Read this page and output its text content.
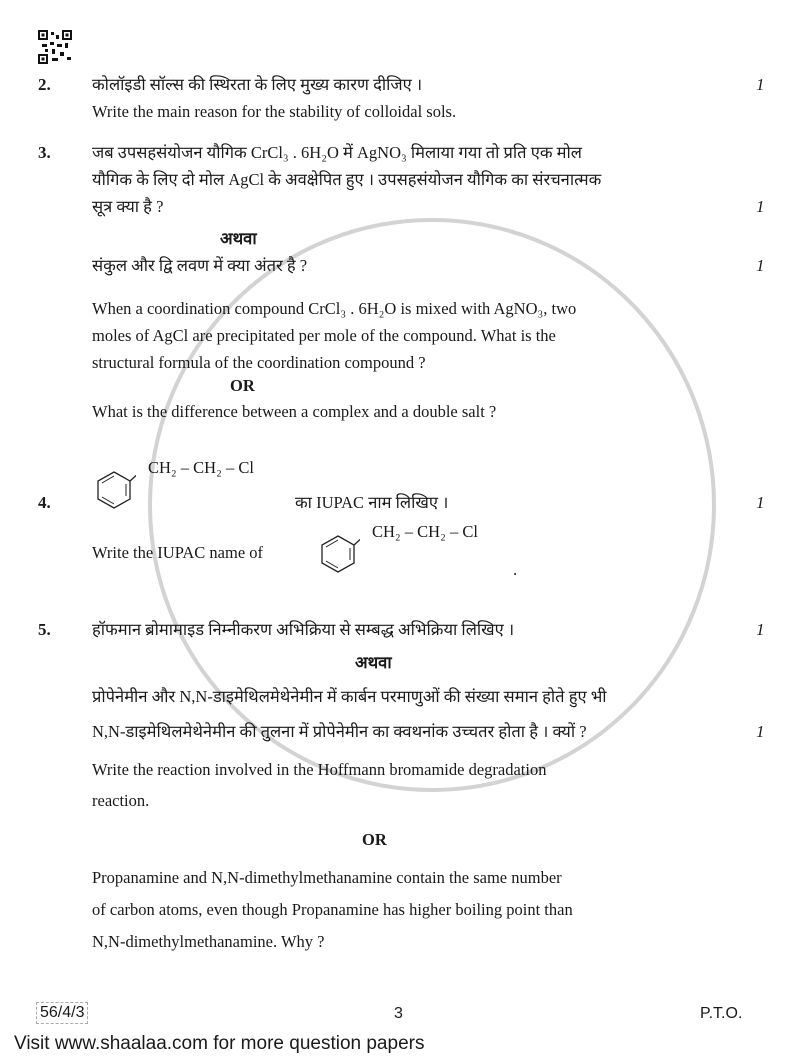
2.	कोलॉइडी सॉल्स की स्थिरता के लिए मुख्य कारण दीजिए ।	1
Write the main reason for the stability of colloidal sols.
3.	जब उपसहसंयोजन यौगिक CrCl₃ . 6H₂O में AgNO₃ मिलाया गया तो प्रति एक मोल
यौगिक के लिए दो मोल AgCl के अवक्षेपित हुए । उपसहसंयोजन यौगिक का संरचनात्मक
सूत्र क्या है ?	1
अथवा
संकुल और द्वि लवण में क्या अंतर है ?	1
When a coordination compound CrCl₃ . 6H₂O is mixed with AgNO₃, two
moles of AgCl are precipitated per mole of the compound. What is the
structural formula of the coordination compound ?
OR
What is the difference between a complex and a double salt ?
CH₂ – CH₂ – Cl
4.	का IUPAC नाम लिखिए ।	1
Write the IUPAC name of
CH₂ – CH₂ – Cl
.
5.	हॉफमान ब्रोमामाइड निम्नीकरण अभिक्रिया से सम्बद्ध अभिक्रिया लिखिए ।	1
अथवा
प्रोपेनेमीन और N,N-डाइमेथिलमेथेनेमीन में कार्बन परमाणुओं की संख्या समान होते हुए भी
N,N-डाइमेथिलमेथेनेमीन की तुलना में प्रोपेनेमीन का क्वथनांक उच्चतर होता है । क्यों ?	1
Write the reaction involved in the Hoffmann bromamide degradation
reaction.
OR
Propanamine and N,N-dimethylmethanamine contain the same number
of carbon atoms, even though Propanamine has higher boiling point than
N,N-dimethylmethanamine. Why ?
56/4/3	3	P.T.O.
Visit www.shaalaa.com for more question papers
